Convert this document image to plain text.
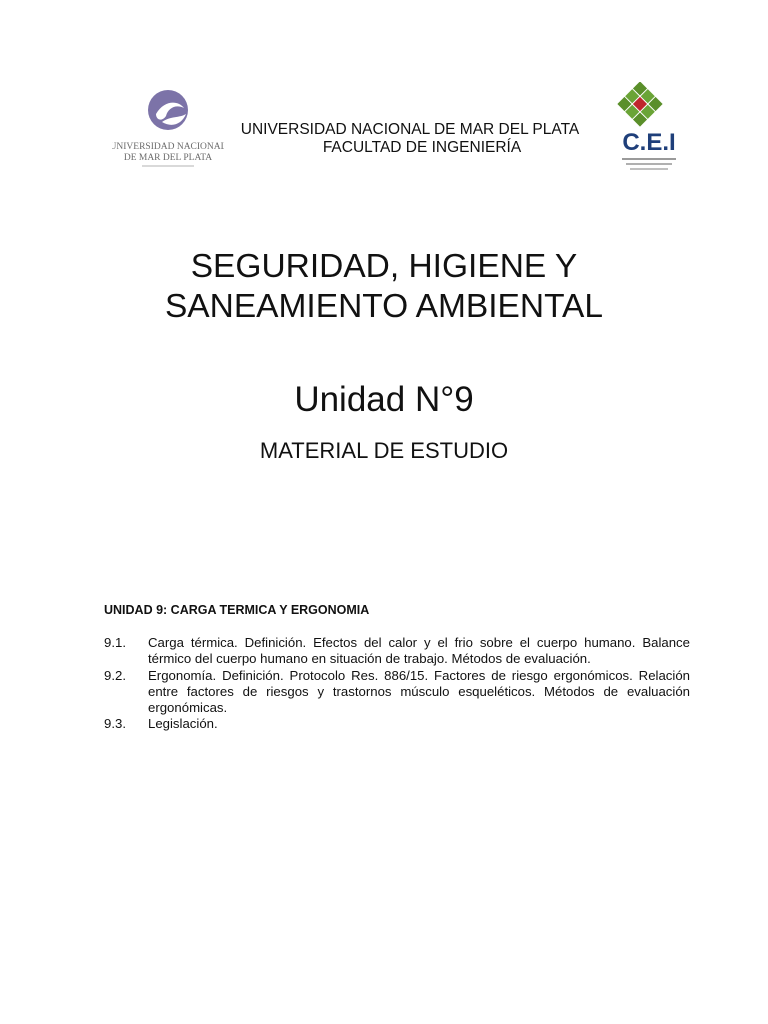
UNIVERSIDAD NACIONAL
DE MAR DEL PLATA
UNIVERSIDAD NACIONAL DE MAR DEL PLATA

FACULTAD DE INGENIERÍA	C.E.I
SEGURIDAD, HIGIENE Y
SANEAMIENTO AMBIENTAL
Unidad N°9
MATERIAL DE ESTUDIO
UNIDAD 9: CARGA TERMICA Y ERGONOMIA
9.1.	Carga térmica. Definición. Efectos del calor y el frio sobre el cuerpo humano. Balance térmico del cuerpo humano en situación de trabajo. Métodos de evaluación.
9.2.	Ergonomía. Definición. Protocolo Res. 886/15. Factores de riesgo ergonómicos. Relación entre factores de riesgos y trastornos músculo esqueléticos. Métodos de evaluación ergonómicas.
9.3.	Legislación.
